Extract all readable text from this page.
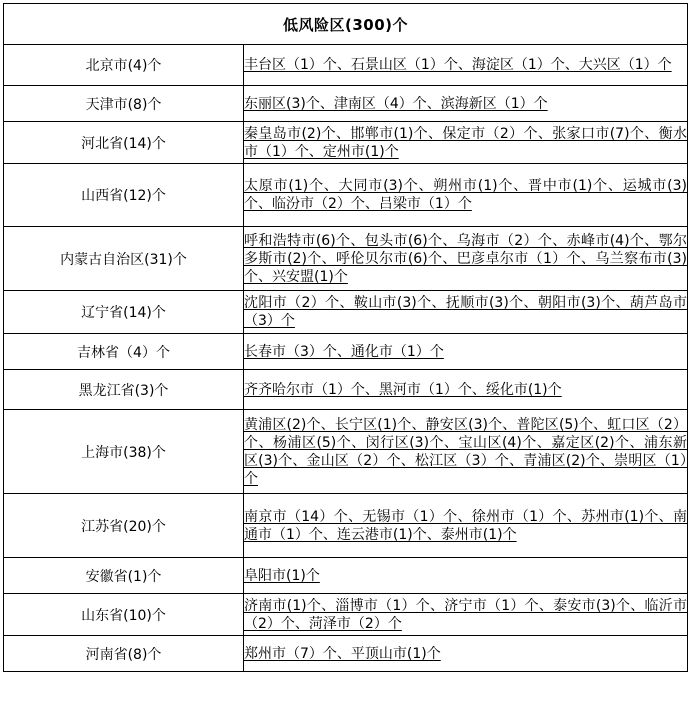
低风险区(300)个	
北京市(4)个	丰台区（1）个、石景山区（1）个、海淀区（1）个、大兴区（1）个
天津市(8)个	东丽区(3)个、津南区（4）个、滨海新区（1）个
河北省(14)个	秦皇岛市(2)个、邯郸市(1)个、保定市（2）个、张家口市(7)个、衡水市（1）个、定州市(1)个
山西省(12)个	太原市(1)个、大同市(3)个、朔州市(1)个、晋中市(1)个、运城市(3)个、临汾市（2）个、吕梁市（1）个
内蒙古自治区(31)个	呼和浩特市(6)个、包头市(6)个、乌海市（2）个、赤峰市(4)个、鄂尔多斯市(2)个、呼伦贝尔市(6)个、巴彦卓尔市（1）个、乌兰察布市(3)个、兴安盟(1)个
辽宁省(14)个	沈阳市（2）个、鞍山市(3)个、抚顺市(3)个、朝阳市(3)个、葫芦岛市（3）个
吉林省（4）个	长春市（3）个、通化市（1）个
黑龙江省(3)个	齐齐哈尔市（1）个、黑河市（1）个、绥化市(1)个
上海市(38)个	黄浦区(2)个、长宁区(1)个、静安区(3)个、普陀区(5)个、虹口区（2）个、杨浦区(5)个、闵行区(3)个、宝山区(4)个、嘉定区(2)个、浦东新区(3)个、金山区（2）个、松江区（3）个、青浦区(2)个、崇明区（1）个
江苏省(20)个	南京市（14）个、无锡市（1）个、徐州市（1）个、苏州市(1)个、南通市（1）个、连云港市(1)个、泰州市(1)个
安徽省(1)个	阜阳市(1)个
山东省(10)个	济南市(1)个、淄博市（1）个、济宁市（1）个、泰安市(3)个、临沂市（2）个、菏泽市（2）个
河南省(8)个	郑州市（7）个、平顶山市(1)个
